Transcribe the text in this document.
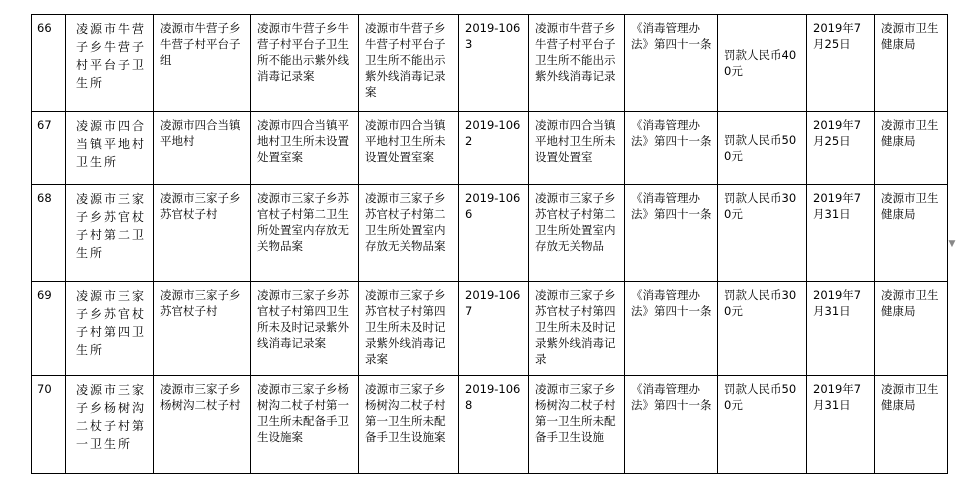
66	凌源市牛营子乡牛营子村平台子卫生所	凌源市牛营子乡牛营子村平台子组	凌源市牛营子乡牛营子村平台子卫生所不能出示紫外线消毒记录案	凌源市牛营子乡牛营子村平台子卫生所不能出示紫外线消毒记录案	2019-1063	凌源市牛营子乡牛营子村平台子卫生所不能出示紫外线消毒记录	《消毒管理办法》第四十一条	罚款人民币400元	2019年7月25日	凌源市卫生健康局
67	凌源市四合当镇平地村卫生所	凌源市四合当镇平地村	凌源市四合当镇平地村卫生所未设置处置室案	凌源市四合当镇平地村卫生所未设置处置室案	2019-1062	凌源市四合当镇平地村卫生所未设置处置室	《消毒管理办法》第四十一条	罚款人民币500元	2019年7月25日	凌源市卫生健康局
68	凌源市三家子乡苏官杖子村第二卫生所	凌源市三家子乡苏官杖子村	凌源市三家子乡苏官杖子村第二卫生所处置室内存放无关物品案	凌源市三家子乡苏官杖子村第二卫生所处置室内存放无关物品案	2019-1066	凌源市三家子乡苏官杖子村第二卫生所处置室内存放无关物品	《消毒管理办法》第四十一条	罚款人民币300元	2019年7月31日	凌源市卫生健康局
69	凌源市三家子乡苏官杖子村第四卫生所	凌源市三家子乡苏官杖子村	凌源市三家子乡苏官杖子村第四卫生所未及时记录紫外线消毒记录案	凌源市三家子乡苏官杖子村第四卫生所未及时记录紫外线消毒记录案	2019-1067	凌源市三家子乡苏官杖子村第四卫生所未及时记录紫外线消毒记录	《消毒管理办法》第四十一条	罚款人民币300元	2019年7月31日	凌源市卫生健康局
70	凌源市三家子乡杨树沟二杖子村第一卫生所	凌源市三家子乡杨树沟二杖子村	凌源市三家子乡杨树沟二杖子村第一卫生所未配备手卫生设施案	凌源市三家子乡杨树沟二杖子村第一卫生所未配备手卫生设施案	2019-1068	凌源市三家子乡杨树沟二杖子村第一卫生所未配备手卫生设施	《消毒管理办法》第四十一条	罚款人民币500元	2019年7月31日	凌源市卫生健康局
▼
